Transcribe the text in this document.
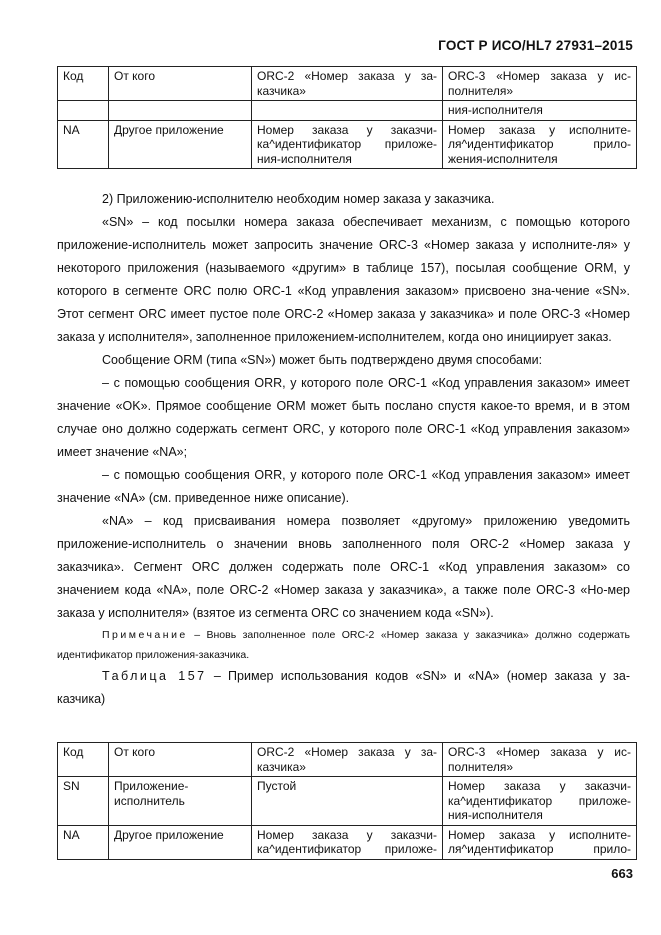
ГОСТ Р ИСО/HL7 27931–2015
Код	От кого	ORC-2 «Номер заказа у за-казчика»	ORC-3 «Номер заказа у ис-полнителя»
			ния-исполнителя
NA	Другое приложение	Номер заказа у заказчи-ка^идентификатор приложе-ния-исполнителя	Номер заказа у исполните-ля^идентификатор прило-жения-исполнителя

2) Приложению-исполнителю необходим номер заказа у заказчика.

«SN» – код посылки номера заказа обеспечивает механизм, с помощью которого приложение-исполнитель может запросить значение ORC-3 «Номер заказа у исполните-ля» у некоторого приложения (называемого «другим» в таблице 157), посылая сообщение ORM, у которого в сегменте ORC полю ORC-1 «Код управления заказом» присвоено зна-чение «SN». Этот сегмент ORC имеет пустое поле ORC-2 «Номер заказа у заказчика» и поле ORC-3 «Номер заказа у исполнителя», заполненное приложением-исполнителем, когда оно инициирует заказ.

Сообщение ORM (типа «SN») может быть подтверждено двумя способами:

– с помощью сообщения ORR, у которого поле ORC-1 «Код управления заказом» имеет значение «OK». Прямое сообщение ORM может быть послано спустя какое-то время, и в этом случае оно должно содержать сегмент ORC, у которого поле ORC-1 «Код управления заказом» имеет значение «NA»;

– с помощью сообщения ORR, у которого поле ORC-1 «Код управления заказом» имеет значение «NA» (см. приведенное ниже описание).

«NA» – код присваивания номера позволяет «другому» приложению уведомить приложение-исполнитель о значении вновь заполненного поля ORC-2 «Номер заказа у заказчика». Сегмент ORC должен содержать поле ORC-1 «Код управления заказом» со значением кода «NA», поле ORC-2 «Номер заказа у заказчика», а также поле ORC-3 «Но-мер заказа у исполнителя» (взятое из сегмента ORC со значением кода «SN»).

Примечание – Вновь заполненное поле ORC-2 «Номер заказа у заказчика» должно содержать идентификатор приложения-заказчика.

Таблица 157 – Пример использования кодов «SN» и «NA» (номер заказа у за-казчика)

Код	От кого	ORC-2 «Номер заказа у за-казчика»	ORC-3 «Номер заказа у ис-полнителя»
SN	Приложение-исполнитель	Пустой	Номер заказа у заказчи-ка^идентификатор приложе-ния-исполнителя
NA	Другое приложение	Номер заказа у заказчи-ка^идентификатор приложе-	Номер заказа у исполните-ля^идентификатор прило-
663
